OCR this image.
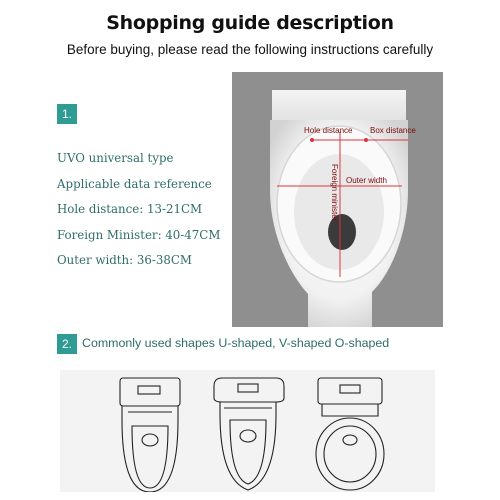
Shopping guide description
Before buying, please read the following instructions carefully
1.
UVO universal type
Applicable data reference
Hole distance: 13-21CM
Foreign Minister: 40-47CM
Outer width: 36-38CM
Hole distance Box distance
Outer width
Foreign minister
2. Commonly used shapes U-shaped, V-shaped O-shaped
